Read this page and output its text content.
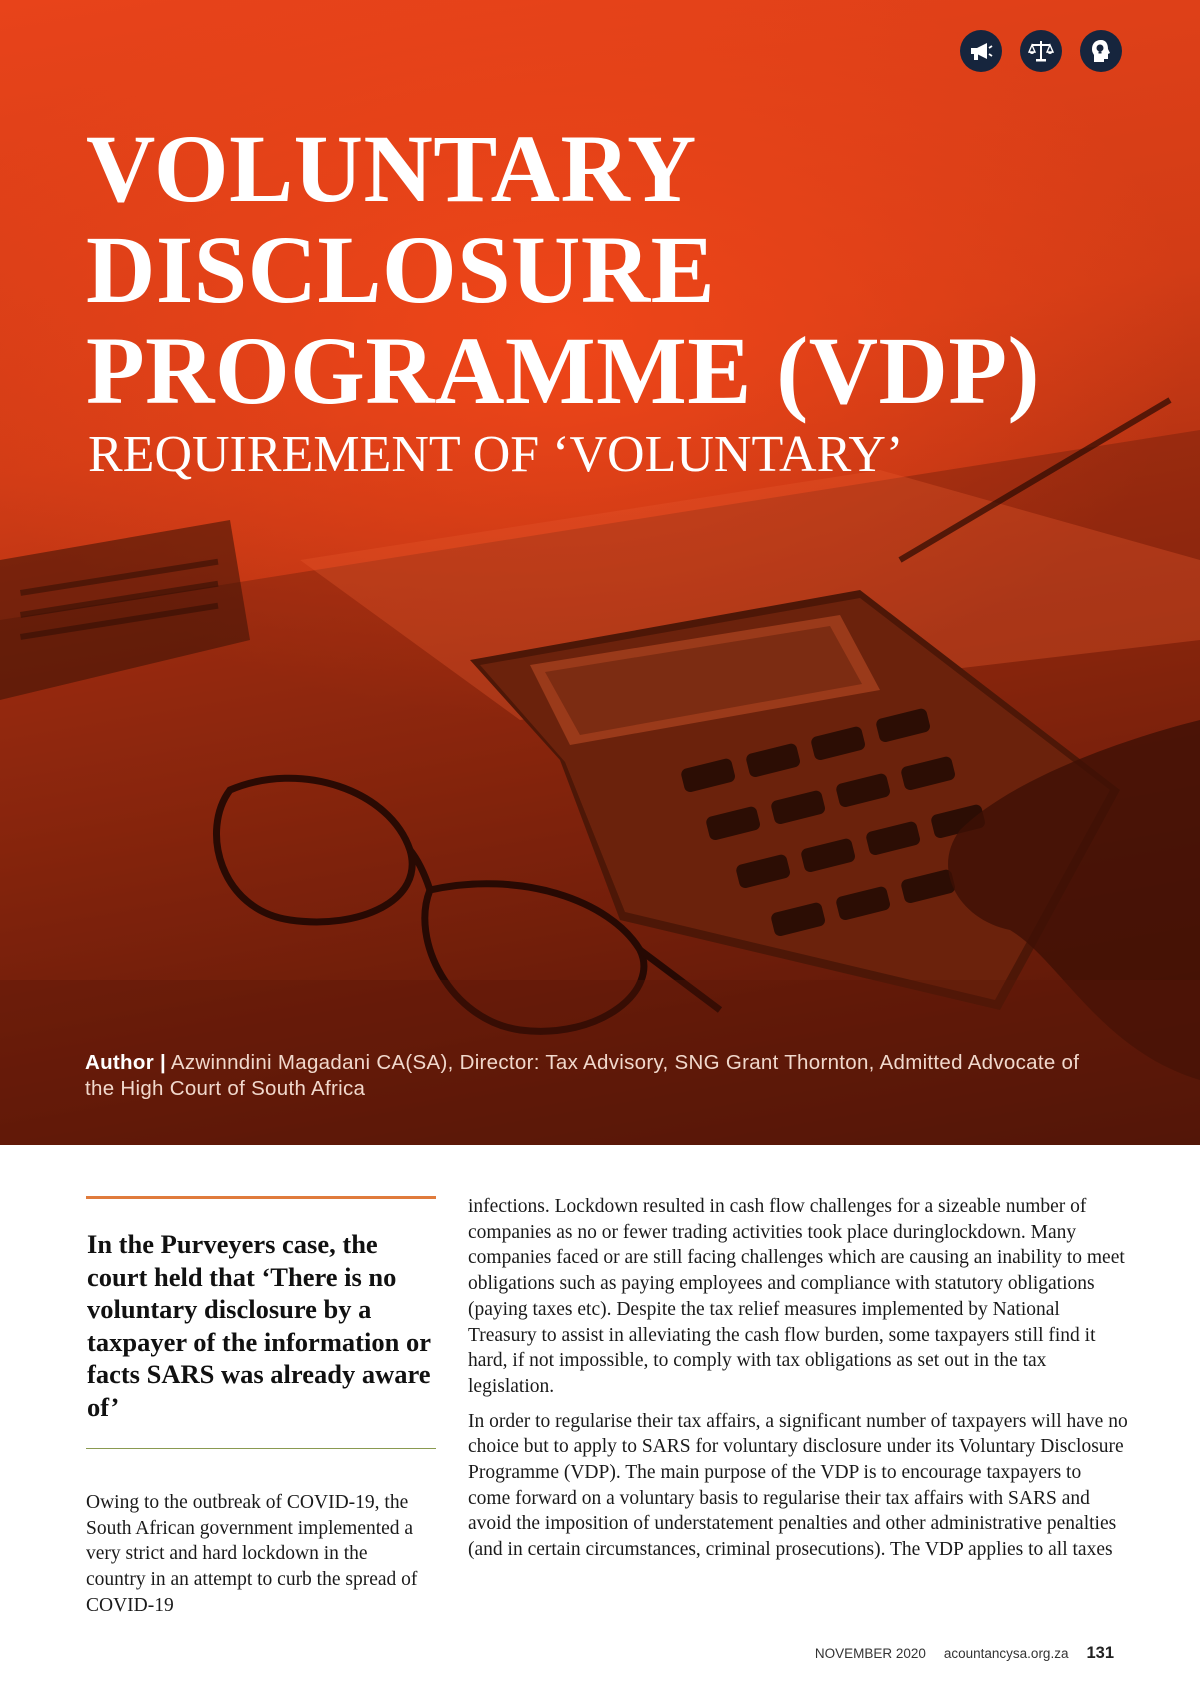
VOLUNTARY
DISCLOSURE
PROGRAMME (VDP)
REQUIREMENT OF ‘VOLUNTARY’
Author | Azwinndini Magadani CA(SA), Director: Tax Advisory, SNG Grant Thornton, Admitted Advocate of the High Court of South Africa

In the Purveyers case, the court held that ‘There is no voluntary disclosure by a taxpayer of the information or facts SARS was already aware of’

Owing to the outbreak of COVID-19, the South African government implemented a very strict and hard lockdown in the country in an attempt to curb the spread of COVID-19

infections. Lockdown resulted in cash flow challenges for a sizeable number of companies as no or fewer trading activities took place duringlockdown. Many companies faced or are still facing challenges which are causing an inability to meet obligations such as paying employees and compliance with statutory obligations (paying taxes etc). Despite the tax relief measures implemented by National Treasury to assist in alleviating the cash flow burden, some taxpayers still find it hard, if not impossible, to comply with tax obligations as set out in the tax legislation.

In order to regularise their tax affairs, a significant number of taxpayers will have no choice but to apply to SARS for voluntary disclosure under its Voluntary Disclosure Programme (VDP). The main purpose of the VDP is to encourage taxpayers to come forward on a voluntary basis to regularise their tax affairs with SARS and avoid the imposition of understatement penalties and other administrative penalties (and in certain circumstances, criminal prosecutions). The VDP applies to all taxes

NOVEMBER 2020 acountancysa.org.za 131
